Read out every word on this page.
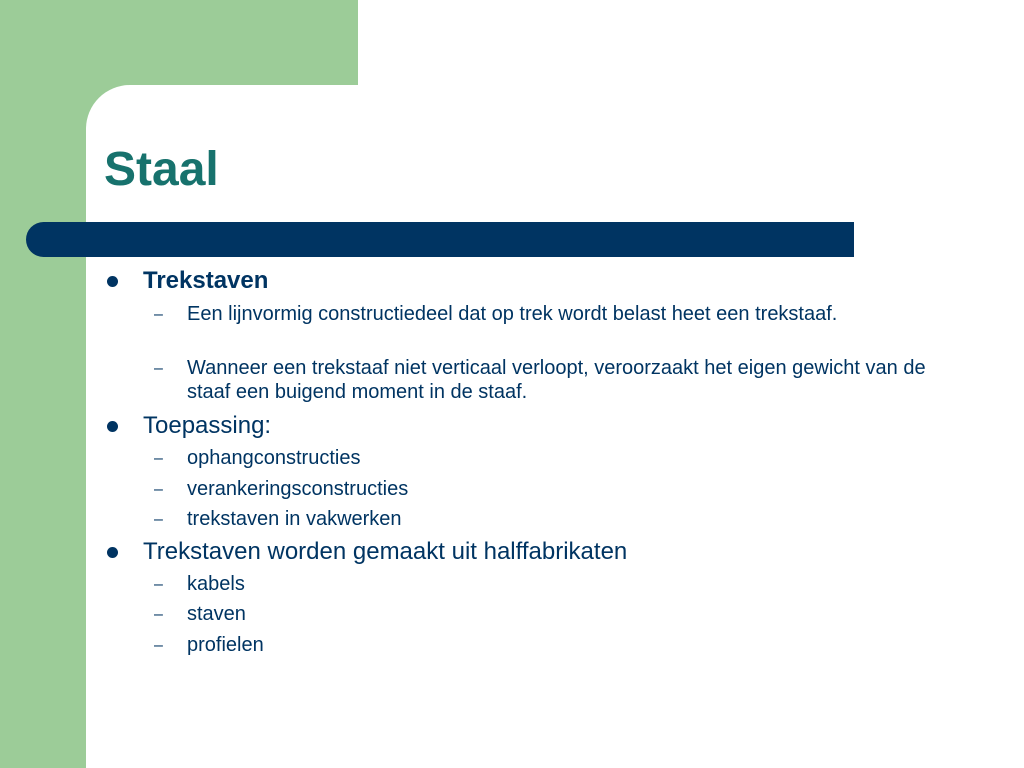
Staal
Trekstaven
– Een lijnvormig constructiedeel dat op trek wordt belast heet een trekstaaf.
– Wanneer een trekstaaf niet verticaal verloopt, veroorzaakt het eigen gewicht van de staaf een buigend moment in de staaf.
Toepassing:
– ophangconstructies
– verankeringsconstructies
– trekstaven in vakwerken
Trekstaven worden gemaakt uit halffabrikaten
– kabels
– staven
– profielen
